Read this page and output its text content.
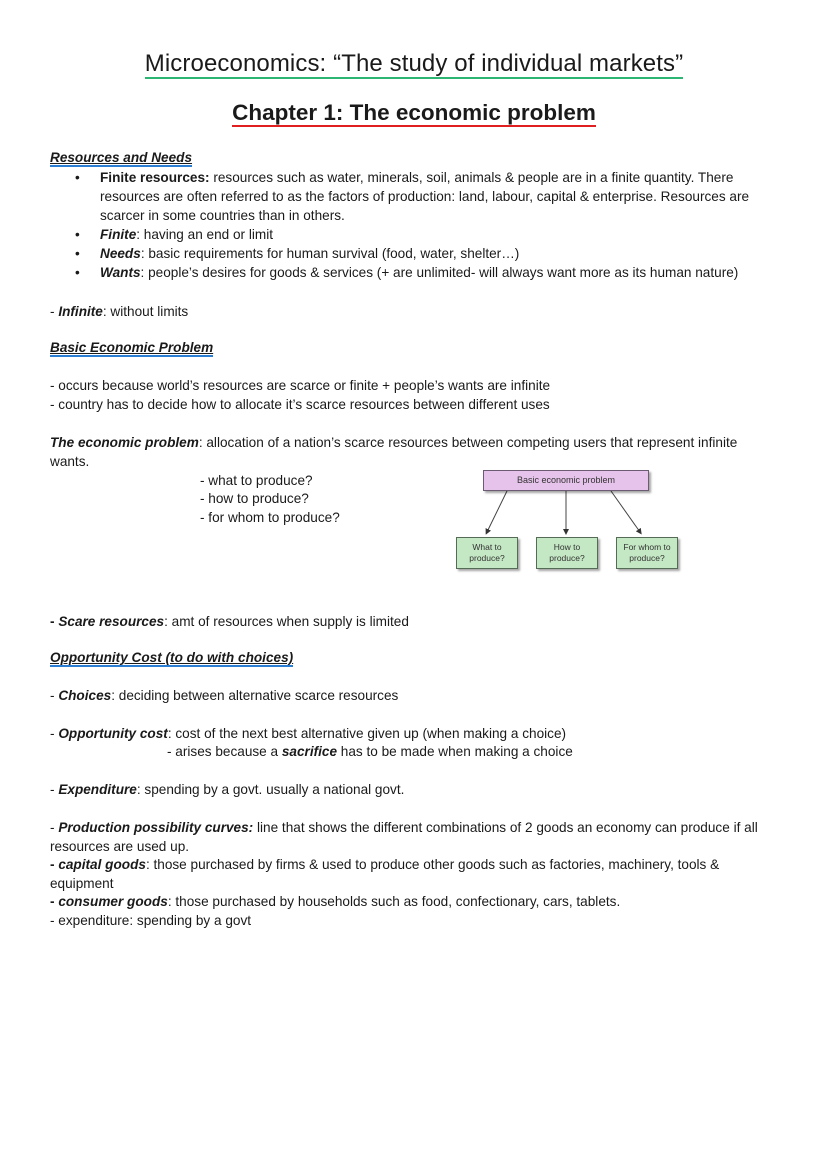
Microeconomics: “The study of individual markets”
Chapter 1: The economic problem
Resources and Needs
• Finite resources: resources such as water, minerals, soil, animals & people are in a finite quantity. There resources are often referred to as the factors of production: land, labour, capital & enterprise. Resources are scarcer in some countries than in others.
• Finite: having an end or limit
• Needs: basic requirements for human survival (food, water, shelter…)
• Wants: people’s desires for goods & services (+ are unlimited- will always want more as its human nature)
- Infinite: without limits
Basic Economic Problem
- occurs because world’s resources are scarce or finite + people’s wants are infinite
- country has to decide how to allocate it’s scarce resources between different uses
The economic problem: allocation of a nation’s scarce resources between competing users that represent infinite wants.
- what to produce?
- how to produce?
- for whom to produce?
Basic economic problem
What to produce?
How to produce?
For whom to produce?
- Scare resources: amt of resources when supply is limited
Opportunity Cost (to do with choices)
- Choices: deciding between alternative scarce resources
- Opportunity cost: cost of the next best alternative given up (when making a choice)
- arises because a sacrifice has to be made when making a choice
- Expenditure: spending by a govt. usually a national govt.
- Production possibility curves: line that shows the different combinations of 2 goods an economy can produce if all resources are used up.
- capital goods: those purchased by firms & used to produce other goods such as factories, machinery, tools & equipment
- consumer goods: those purchased by households such as food, confectionary, cars, tablets.
- expenditure: spending by a govt
